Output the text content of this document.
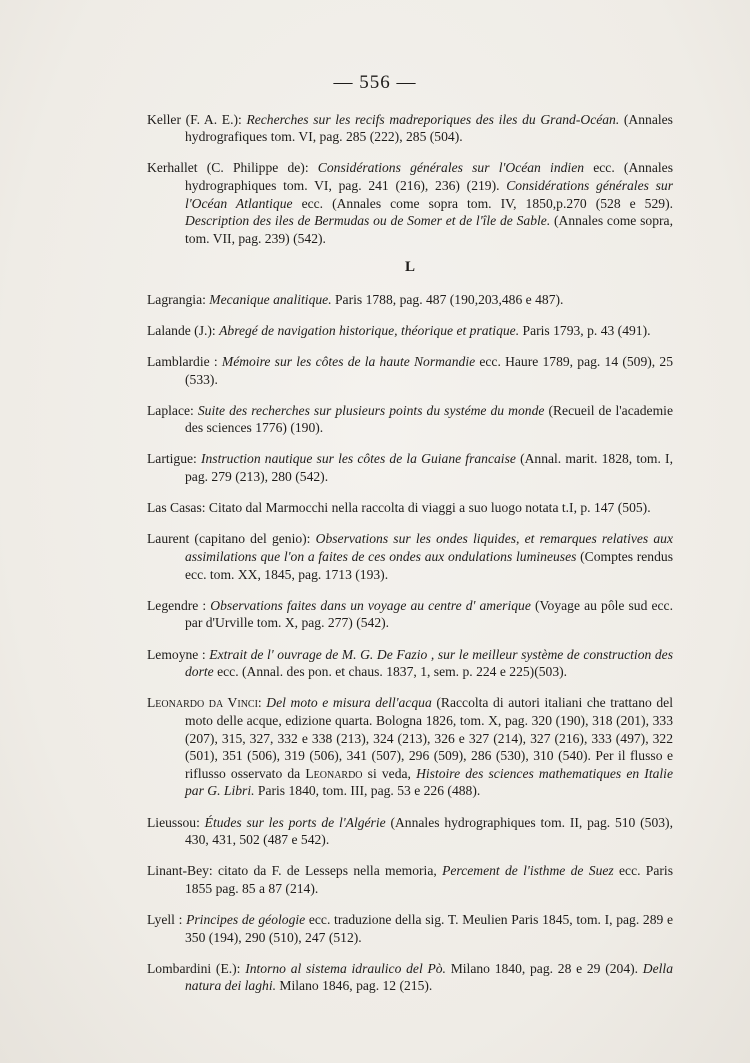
— 556 —

Keller (F. A. E.): Recherches sur les recifs madreporiques des iles du Grand-Océan. (Annales hydrografiques tom. VI, pag. 285 (222), 285 (504).

Kerhallet (C. Philippe de): Considérations générales sur l'Océan indien ecc. (Annales hydrographiques tom. VI, pag. 241 (216), 236) (219). Considérations générales sur l'Océan Atlantique ecc. (Annales come sopra tom. IV, 1850,p.270 (528 e 529). Description des iles de Bermudas ou de Somer et de l'île de Sable. (Annales come sopra, tom. VII, pag. 239) (542).

L

Lagrangia: Mecanique analitique. Paris 1788, pag. 487 (190,203,486 e 487).

Lalande (J.): Abregé de navigation historique, théorique et pratique. Paris 1793, p. 43 (491).

Lamblardie : Mémoire sur les côtes de la haute Normandie ecc. Haure 1789, pag. 14 (509), 25 (533).

Laplace: Suite des recherches sur plusieurs points du systéme du monde (Recueil de l'academie des sciences 1776) (190).

Lartigue: Instruction nautique sur les côtes de la Guiane francaise (Annal. marit. 1828, tom. I, pag. 279 (213), 280 (542).

Las Casas: Citato dal Marmocchi nella raccolta di viaggi a suo luogo notata t.I, p. 147 (505).

Laurent (capitano del genio): Observations sur les ondes liquides, et remarques relatives aux assimilations que l'on a faites de ces ondes aux ondulations lumineuses (Comptes rendus ecc. tom. XX, 1845, pag. 1713 (193).

Legendre : Observations faites dans un voyage au centre d' amerique (Voyage au pôle sud ecc. par d'Urville tom. X, pag. 277) (542).

Lemoyne : Extrait de l' ouvrage de M. G. De Fazio , sur le meilleur système de construction des dorte ecc. (Annal. des pon. et chaus. 1837, 1, sem. p. 224 e 225)(503).

Leonardo da Vinci: Del moto e misura dell'acqua (Raccolta di autori italiani che trattano del moto delle acque, edizione quarta. Bologna 1826, tom. X, pag. 320 (190), 318 (201), 333 (207), 315, 327, 332 e 338 (213), 324 (213), 326 e 327 (214), 327 (216), 333 (497), 322 (501), 351 (506), 319 (506), 341 (507), 296 (509), 286 (530), 310 (540). Per il flusso e riflusso osservato da Leonardo si veda, Histoire des sciences mathematiques en Italie par G. Libri. Paris 1840, tom. III, pag. 53 e 226 (488).

Lieussou: Études sur les ports de l'Algérie (Annales hydrographiques tom. II, pag. 510 (503), 430, 431, 502 (487 e 542).

Linant-Bey: citato da F. de Lesseps nella memoria, Percement de l'isthme de Suez ecc. Paris 1855 pag. 85 a 87 (214).

Lyell : Principes de géologie ecc. traduzione della sig. T. Meulien Paris 1845, tom. I, pag. 289 e 350 (194), 290 (510), 247 (512).

Lombardini (E.): Intorno al sistema idraulico del Pò. Milano 1840, pag. 28 e 29 (204). Della natura dei laghi. Milano 1846, pag. 12 (215).
